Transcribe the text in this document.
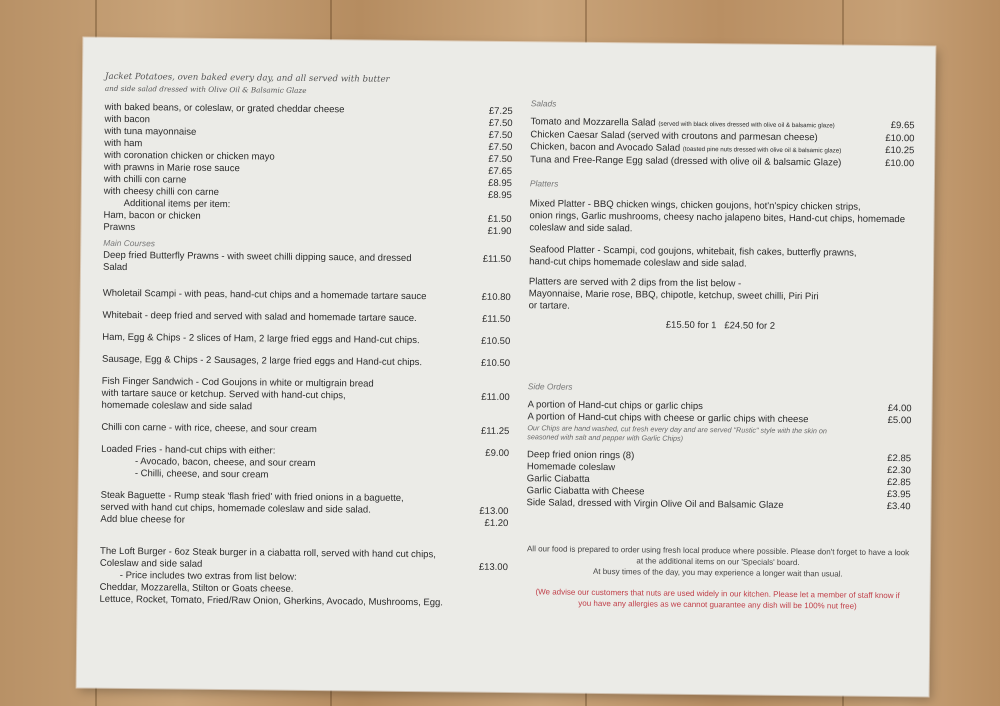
Jacket Potatoes, oven baked every day, and all served with butter
and side salad dressed with Olive Oil & Balsamic Glaze
with baked beans, or coleslaw, or grated cheddar cheese	£7.25
with bacon	£7.50
with tuna mayonnaise	£7.50
with ham	£7.50
with coronation chicken or chicken mayo	£7.50
with prawns in Marie rose sauce	£7.65
with chilli con carne	£8.95
with cheesy chilli con carne	£8.95
Additional items per item:
Ham, bacon or chicken	£1.50
Prawns	£1.90
Main Courses
Deep fried Butterfly Prawns - with sweet chilli dipping sauce, and dressed
Salad
£11.50
Wholetail Scampi - with peas, hand-cut chips and a homemade tartare sauce	£10.80
Whitebait - deep fried and served with salad and homemade tartare sauce.	£11.50
Ham, Egg & Chips - 2 slices of Ham, 2 large fried eggs and Hand-cut chips.	£10.50
Sausage, Egg & Chips - 2 Sausages, 2 large fried eggs and Hand-cut chips.	£10.50
Fish Finger Sandwich - Cod Goujons in white or multigrain bread
with tartare sauce or ketchup. Served with hand-cut chips,
homemade coleslaw and side salad
£11.00
Chilli con carne - with rice, cheese, and sour cream	£11.25
Loaded Fries - hand-cut chips with either:
- Avocado, bacon, cheese, and sour cream
- Chilli, cheese, and sour cream
£9.00
Steak Baguette - Rump steak 'flash fried' with fried onions in a baguette,
served with hand cut chips, homemade coleslaw and side salad.	£13.00
Add blue cheese for	£1.20
The Loft Burger - 6oz Steak burger in a ciabatta roll, served with hand cut chips,
Coleslaw and side salad
- Price includes two extras from list below:
Cheddar, Mozzarella, Stilton or Goats cheese.
Lettuce, Rocket, Tomato, Fried/Raw Onion, Gherkins, Avocado, Mushrooms, Egg.
£13.00
Salads
Tomato and Mozzarella Salad (served with black olives dressed with olive oil & balsamic glaze)	£9.65
Chicken Caesar Salad (served with croutons and parmesan cheese)	£10.00
Chicken, bacon and Avocado Salad (toasted pine nuts dressed with olive oil & balsamic glaze)	£10.25
Tuna and Free-Range Egg salad (dressed with olive oil & balsamic Glaze)	£10.00
Platters
Mixed Platter - BBQ chicken wings, chicken goujons, hot'n'spicy chicken strips,
onion rings, Garlic mushrooms, cheesy nacho jalapeno bites, Hand-cut chips, homemade
coleslaw and side salad.
Seafood Platter - Scampi, cod goujons, whitebait, fish cakes, butterfly prawns,
hand-cut chips homemade coleslaw and side salad.
Platters are served with 2 dips from the list below -
Mayonnaise, Marie rose, BBQ, chipotle, ketchup, sweet chilli, Piri Piri
or tartare.
£15.50 for 1   £24.50 for 2
Side Orders
A portion of Hand-cut chips or garlic chips	£4.00
A portion of Hand-cut chips with cheese or garlic chips with cheese	£5.00
Our Chips are hand washed, cut fresh every day and are served "Rustic" style with the skin on
seasoned with salt and pepper with Garlic Chips)
Deep fried onion rings (8)	£2.85
Homemade coleslaw	£2.30
Garlic Ciabatta	£2.85
Garlic Ciabatta with Cheese	£3.95
Side Salad, dressed with Virgin Olive Oil and Balsamic Glaze	£3.40
All our food is prepared to order using fresh local produce where possible. Please don't forget to have a look
at the additional items on our 'Specials' board.
At busy times of the day, you may experience a longer wait than usual.
(We advise our customers that nuts are used widely in our kitchen. Please let a member of staff know if
you have any allergies as we cannot guarantee any dish will be 100% nut free)
